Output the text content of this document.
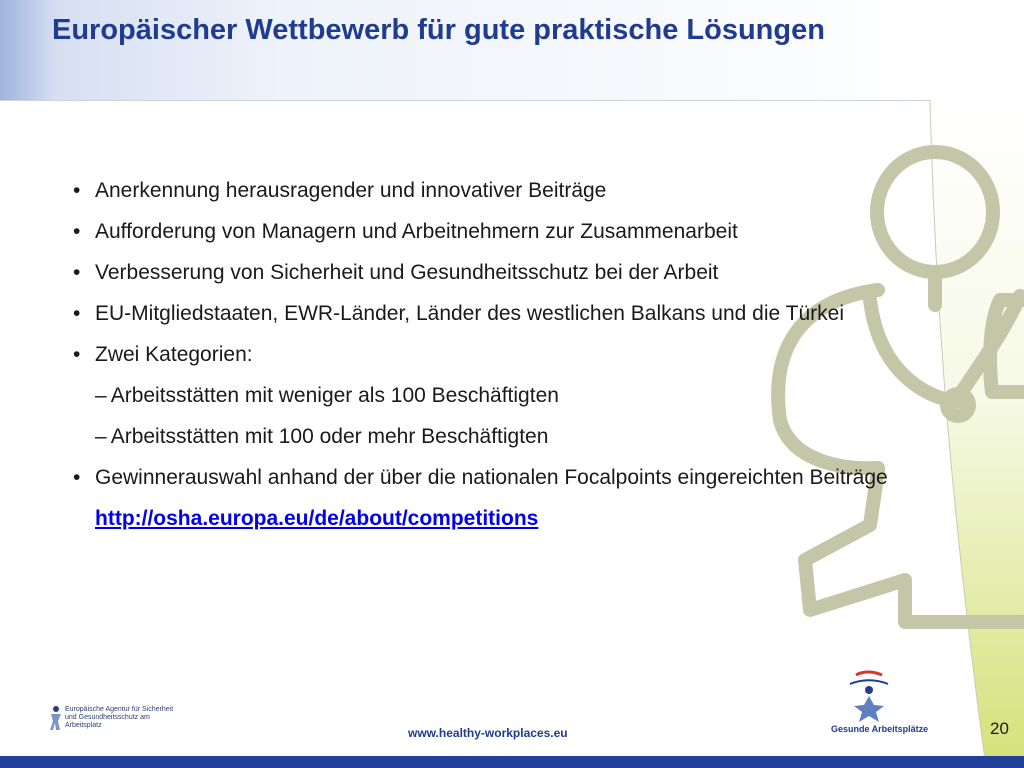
Europäischer Wettbewerb für gute praktische Lösungen
• Anerkennung herausragender und innovativer Beiträge
• Aufforderung von Managern und Arbeitnehmern zur Zusammenarbeit
• Verbesserung von Sicherheit und Gesundheitsschutz bei der Arbeit
• EU-Mitgliedstaaten, EWR-Länder, Länder des westlichen Balkans und die Türkei
• Zwei Kategorien:
– Arbeitsstätten mit weniger als 100 Beschäftigten
– Arbeitsstätten mit 100 oder mehr Beschäftigten
• Gewinnerauswahl anhand der über die nationalen Focalpoints eingereichten Beiträge
http://osha.europa.eu/de/about/competitions
Europäische Agentur für Sicherheit und Gesundheitsschutz am Arbeitsplatz
www.healthy-workplaces.eu	Gesunde Arbeitsplätze	20
